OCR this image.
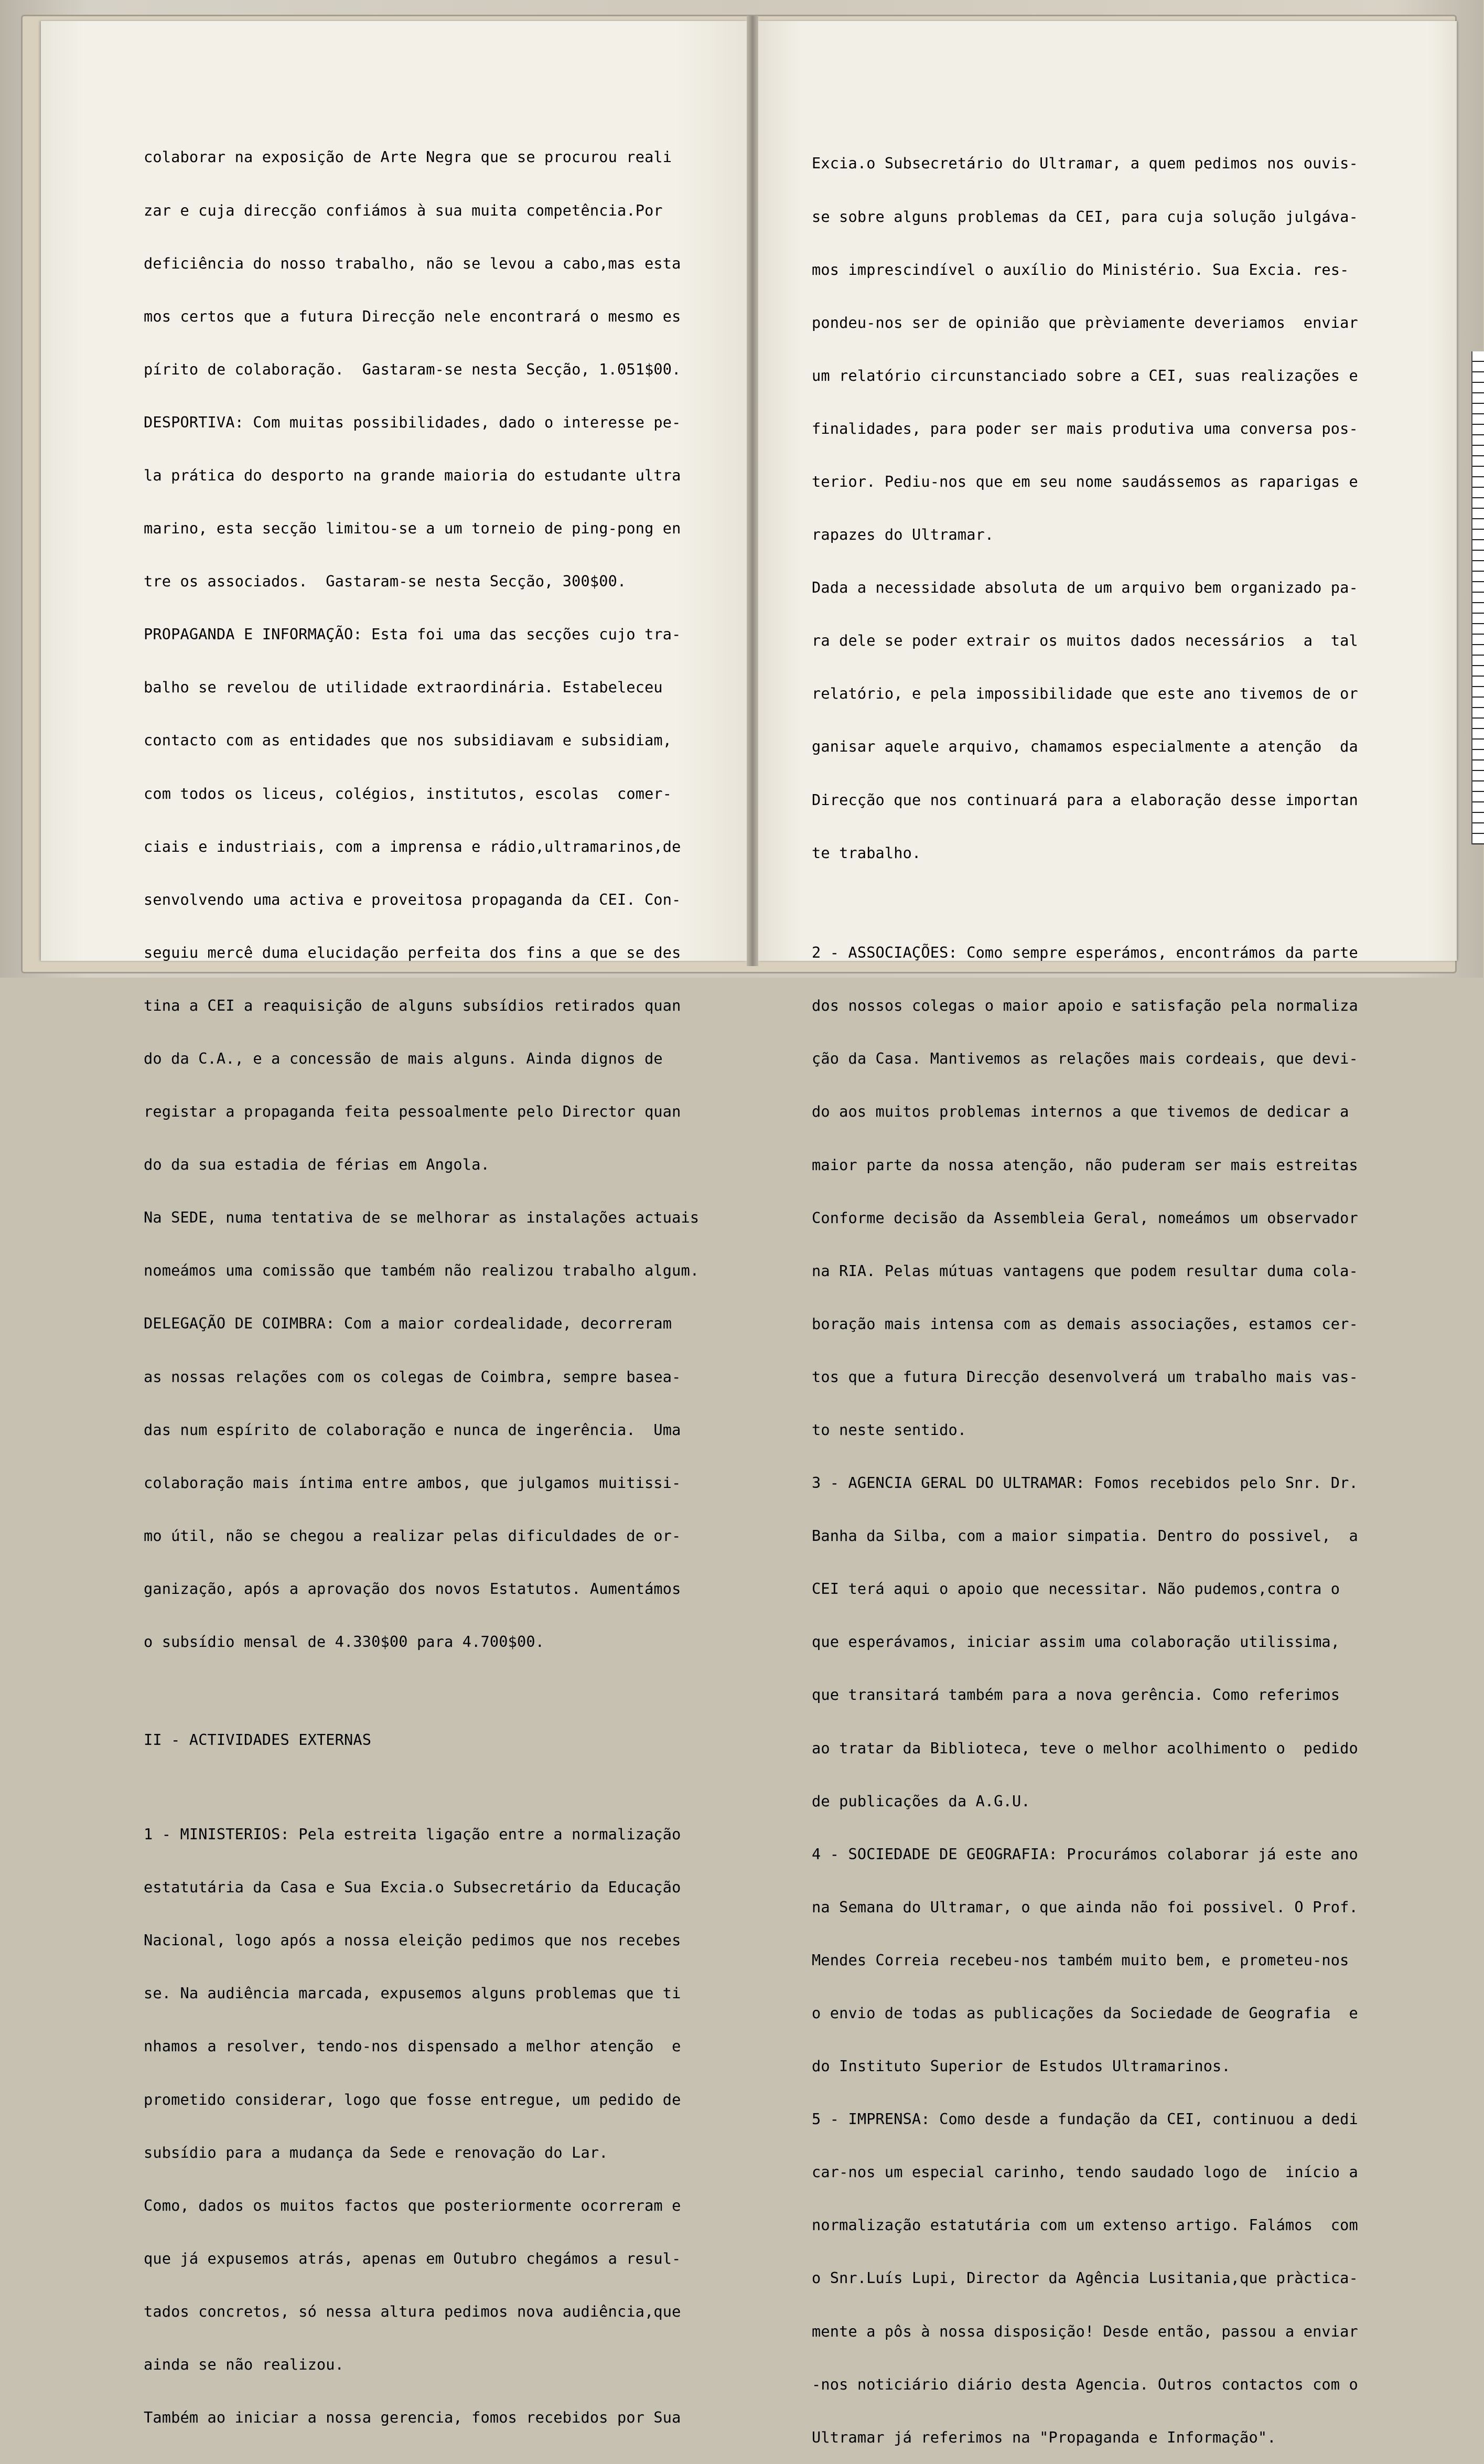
colaborar na exposição de Arte Negra que se procurou reali

zar e cuja direcção confiámos à sua muita competência.Por

deficiência do nosso trabalho, não se levou a cabo,mas esta

mos certos que a futura Direcção nele encontrará o mesmo es

pírito de colaboração.  Gastaram-se nesta Secção, 1.051$00.

DESPORTIVA: Com muitas possibilidades, dado o interesse pe-

la prática do desporto na grande maioria do estudante ultra

marino, esta secção limitou-se a um torneio de ping-pong en

tre os associados.  Gastaram-se nesta Secção, 300$00.

PROPAGANDA E INFORMAÇÃO: Esta foi uma das secções cujo tra-

balho se revelou de utilidade extraordinária. Estabeleceu

contacto com as entidades que nos subsidiavam e subsidiam,

com todos os liceus, colégios, institutos, escolas  comer-

ciais e industriais, com a imprensa e rádio,ultramarinos,de

senvolvendo uma activa e proveitosa propaganda da CEI. Con-

seguiu mercê duma elucidação perfeita dos fins a que se des

tina a CEI a reaquisição de alguns subsídios retirados quan

do da C.A., e a concessão de mais alguns. Ainda dignos de

registar a propaganda feita pessoalmente pelo Director quan

do da sua estadia de férias em Angola.

Na SEDE, numa tentativa de se melhorar as instalações actuais

nomeámos uma comissão que também não realizou trabalho algum.

DELEGAÇÃO DE COIMBRA: Com a maior cordealidade, decorreram

as nossas relações com os colegas de Coimbra, sempre basea-

das num espírito de colaboração e nunca de ingerência.  Uma

colaboração mais íntima entre ambos, que julgamos muitissi-

mo útil, não se chegou a realizar pelas dificuldades de or-

ganização, após a aprovação dos novos Estatutos. Aumentámos

o subsídio mensal de 4.330$00 para 4.700$00.

II - ACTIVIDADES EXTERNAS

1 - MINISTERIOS: Pela estreita ligação entre a normalização

estatutária da Casa e Sua Excia.o Subsecretário da Educação

Nacional, logo após a nossa eleição pedimos que nos recebes

se. Na audiência marcada, expusemos alguns problemas que ti

nhamos a resolver, tendo-nos dispensado a melhor atenção  e

prometido considerar, logo que fosse entregue, um pedido de

subsídio para a mudança da Sede e renovação do Lar.

Como, dados os muitos factos que posteriormente ocorreram e

que já expusemos atrás, apenas em Outubro chegámos a resul-

tados concretos, só nessa altura pedimos nova audiência,que

ainda se não realizou.

Também ao iniciar a nossa gerencia, fomos recebidos por Sua

Excia.o Subsecretário do Ultramar, a quem pedimos nos ouvis-

se sobre alguns problemas da CEI, para cuja solução julgáva-

mos imprescindível o auxílio do Ministério. Sua Excia. res-

pondeu-nos ser de opinião que prèviamente deveriamos  enviar

um relatório circunstanciado sobre a CEI, suas realizações e

finalidades, para poder ser mais produtiva uma conversa pos-

terior. Pediu-nos que em seu nome saudássemos as raparigas e

rapazes do Ultramar.

Dada a necessidade absoluta de um arquivo bem organizado pa-

ra dele se poder extrair os muitos dados necessários  a  tal

relatório, e pela impossibilidade que este ano tivemos de or

ganisar aquele arquivo, chamamos especialmente a atenção  da

Direcção que nos continuará para a elaboração desse importan

te trabalho.

2 - ASSOCIAÇÕES: Como sempre esperámos, encontrámos da parte

dos nossos colegas o maior apoio e satisfação pela normaliza

ção da Casa. Mantivemos as relações mais cordeais, que devi-

do aos muitos problemas internos a que tivemos de dedicar a

maior parte da nossa atenção, não puderam ser mais estreitas

Conforme decisão da Assembleia Geral, nomeámos um observador

na RIA. Pelas mútuas vantagens que podem resultar duma cola-

boração mais intensa com as demais associações, estamos cer-

tos que a futura Direcção desenvolverá um trabalho mais vas-

to neste sentido.

3 - AGENCIA GERAL DO ULTRAMAR: Fomos recebidos pelo Snr. Dr.

Banha da Silba, com a maior simpatia. Dentro do possivel,  a

CEI terá aqui o apoio que necessitar. Não pudemos,contra o

que esperávamos, iniciar assim uma colaboração utilissima,

que transitará também para a nova gerência. Como referimos

ao tratar da Biblioteca, teve o melhor acolhimento o  pedido

de publicações da A.G.U.

4 - SOCIEDADE DE GEOGRAFIA: Procurámos colaborar já este ano

na Semana do Ultramar, o que ainda não foi possivel. O Prof.

Mendes Correia recebeu-nos também muito bem, e prometeu-nos

o envio de todas as publicações da Sociedade de Geografia  e

do Instituto Superior de Estudos Ultramarinos.

5 - IMPRENSA: Como desde a fundação da CEI, continuou a dedi

car-nos um especial carinho, tendo saudado logo de  início a

normalização estatutária com um extenso artigo. Falámos  com

o Snr.Luís Lupi, Director da Agência Lusitania,que pràctica-

mente a pôs à nossa disposição! Desde então, passou a enviar

-nos noticiário diário desta Agencia. Outros contactos com o

Ultramar já referimos na "Propaganda e Informação".
